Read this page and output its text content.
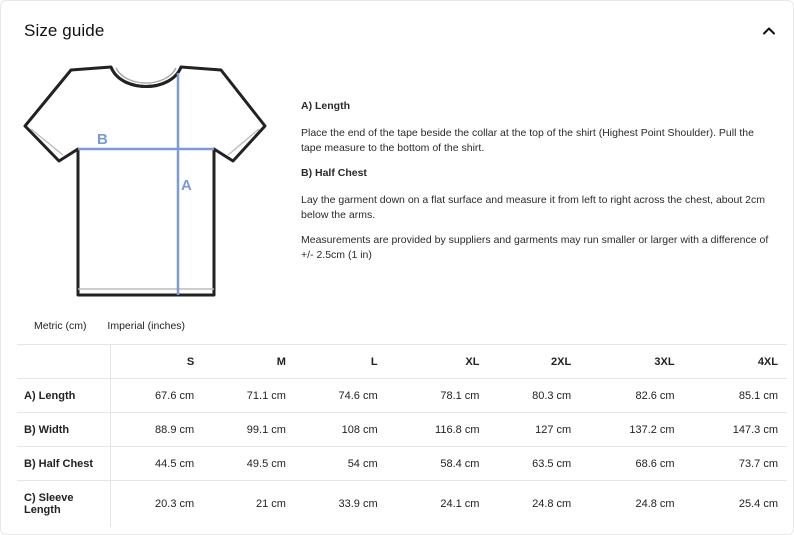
Size guide
B
A
A) Length

Place the end of the tape beside the collar at the top of the shirt (Highest Point Shoulder). Pull the tape measure to the bottom of the shirt.

B) Half Chest

Lay the garment down on a flat surface and measure it from left to right across the chest, about 2cm below the arms.

Measurements are provided by suppliers and garments may run smaller or larger with a difference of +/- 2.5cm (1 in)

Metric (cm) Imperial (inches)
	S	M	L	XL	2XL	3XL	4XL
A) Length	67.6 cm	71.1 cm	74.6 cm	78.1 cm	80.3 cm	82.6 cm	85.1 cm
B) Width	88.9 cm	99.1 cm	108 cm	116.8 cm	127 cm	137.2 cm	147.3 cm
B) Half Chest	44.5 cm	49.5 cm	54 cm	58.4 cm	63.5 cm	68.6 cm	73.7 cm
C) Sleeve Length	20.3 cm	21 cm	33.9 cm	24.1 cm	24.8 cm	24.8 cm	25.4 cm
